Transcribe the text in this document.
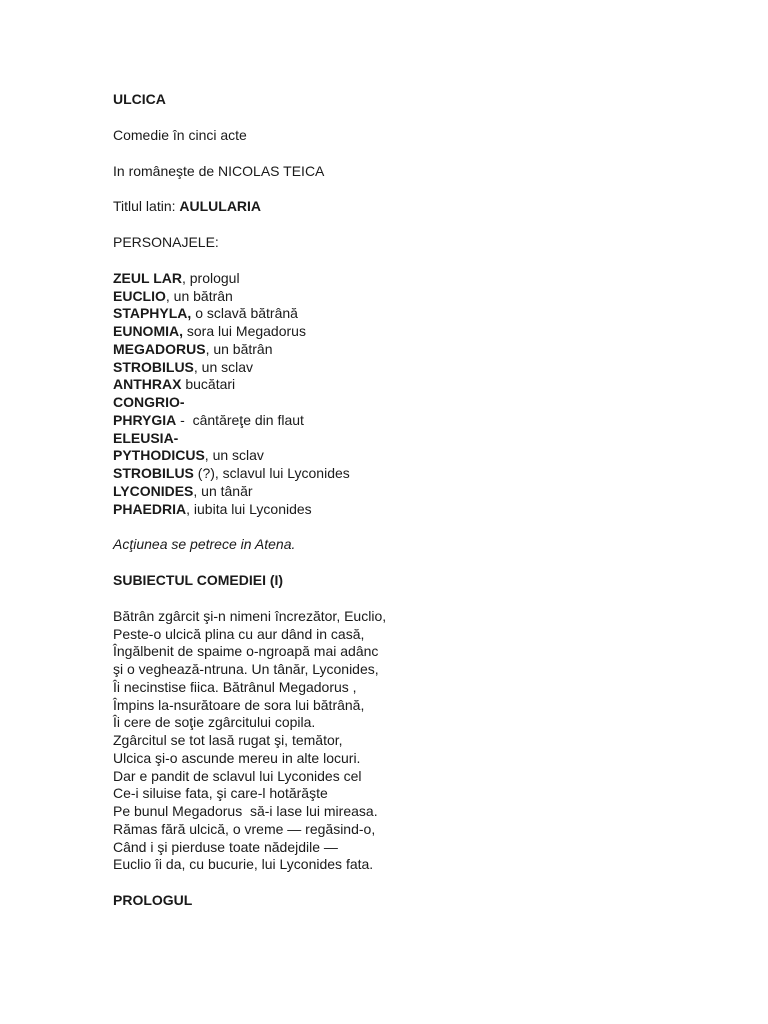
ULCICA

Comedie în cinci acte

In româneşte de NICOLAS TEICA

Titlul latin: AULULARIA

PERSONAJELE:

ZEUL LAR, prologul
EUCLIO, un bătrân
STAPHYLA, o sclavă bătrână
EUNOMIA, sora lui Megadorus
MEGADORUS, un bătrân
STROBILUS, un sclav
ANTHRAX bucătari
CONGRIO-
PHRYGIA -  cântăreţe din flaut
ELEUSIA-
PYTHODICUS, un sclav
STROBILUS (?), sclavul lui Lyconides
LYCONIDES, un tânăr
PHAEDRIA, iubita lui Lyconides

Acţiunea se petrece in Atena.

SUBIECTUL COMEDIEI (I)

Bătrân zgârcit şi-n nimeni încrezător, Euclio,
Peste-o ulcică plina cu aur dând in casă,
Îngălbenit de spaime o-ngroapă mai adânc
şi o veghează-ntruna. Un tânăr, Lyconides,
Îi necinstise fiica. Bătrânul Megadorus ,
Împins la-nsurătoare de sora lui bătrână,
Îi cere de soţie zgârcitului copila.
Zgârcitul se tot lasă rugat şi, temător,
Ulcica şi-o ascunde mereu in alte locuri.
Dar e pandit de sclavul lui Lyconides cel
Ce-i siluise fata, şi care-l hotărăşte
Pe bunul Megadorus  să-i lase lui mireasa.
Rămas fără ulcică, o vreme — regăsind-o,
Când i şi pierduse toate nădejdile —
Euclio îi da, cu bucurie, lui Lyconides fata.

PROLOGUL
